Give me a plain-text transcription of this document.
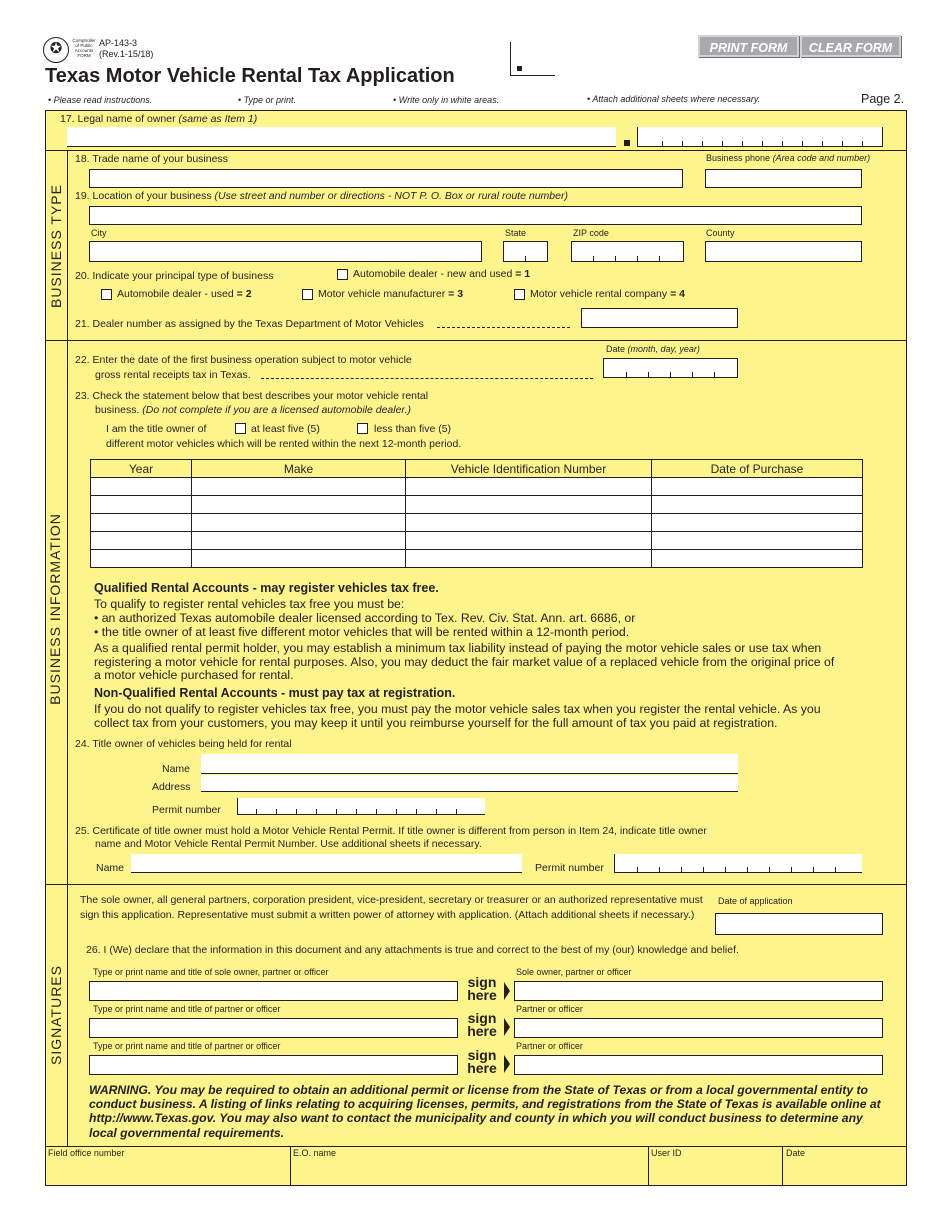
✪	Comptroller
of Public
Accounts
FORM
AP-143-3
(Rev.1-15/18)
Texas Motor Vehicle Rental Tax Application
PRINT FORM	CLEAR FORM
• Please read instructions.	• Type or print.	• Write only in white areas.	• Attach additional sheets where necessary.	Page 2.
17. Legal name of owner (same as Item 1)
BUSINESS TYPE
18. Trade name of your business	Business phone (Area code and number)
19. Location of your business (Use street and number or directions - NOT P. O. Box or rural route number)
City	State	ZIP code	County
20. Indicate your principal type of business	Automobile dealer - new and used = 1
Automobile dealer - used = 2	Motor vehicle manufacturer = 3	Motor vehicle rental company = 4
21. Dealer number as assigned by the Texas Department of Motor Vehicles
BUSINESS INFORMATION
22. Enter the date of the first business operation subject to motor vehicle
gross rental receipts tax in Texas.
Date (month, day, year)
23. Check the statement below that best describes your motor vehicle rental
business. (Do not complete if you are a licensed automobile dealer.)
I am the title owner of	at least five (5)	less than five (5)
different motor vehicles which will be rented within the next 12-month period.
Year	Make	Vehicle Identification Number	Date of Purchase

Qualified Rental Accounts - may register vehicles tax free.
To qualify to register rental vehicles tax free you must be:
• an authorized Texas automobile dealer licensed according to Tex. Rev. Civ. Stat. Ann. art. 6686, or
• the title owner of at least five different motor vehicles that will be rented within a 12-month period.
As a qualified rental permit holder, you may establish a minimum tax liability instead of paying the motor vehicle sales or use tax when registering a motor vehicle for rental purposes. Also, you may deduct the fair market value of a replaced vehicle from the original price of a motor vehicle purchased for rental.
Non-Qualified Rental Accounts - must pay tax at registration.
If you do not qualify to register vehicles tax free, you must pay the motor vehicle sales tax when you register the rental vehicle. As you collect tax from your customers, you may keep it until you reimburse yourself for the full amount of tax you paid at registration.
24. Title owner of vehicles being held for rental
Name
Address
Permit number
25. Certificate of title owner must hold a Motor Vehicle Rental Permit. If title owner is different from person in Item 24, indicate title owner
name and Motor Vehicle Rental Permit Number. Use additional sheets if necessary.
Name	Permit number
SIGNATURES
The sole owner, all general partners, corporation president, vice-president, secretary or treasurer or an authorized representative must sign this application. Representative must submit a written power of attorney with application. (Attach additional sheets if necessary.)
Date of application
26. I (We) declare that the information in this document and any attachments is true and correct to the best of my (our) knowledge and belief.
Type or print name and title of sole owner, partner or officer	Sole owner, partner or officer
sign
here
Type or print name and title of partner or officer	Partner or officer
sign
here
Type or print name and title of partner or officer	Partner or officer
sign
here
WARNING. You may be required to obtain an additional permit or license from the State of Texas or from a local governmental entity to conduct business. A listing of links relating to acquiring licenses, permits, and registrations from the State of Texas is available online at http://www.Texas.gov. You may also want to contact the municipality and county in which you will conduct business to determine any local governmental requirements.
Field office number	E.O. name	User ID	Date
